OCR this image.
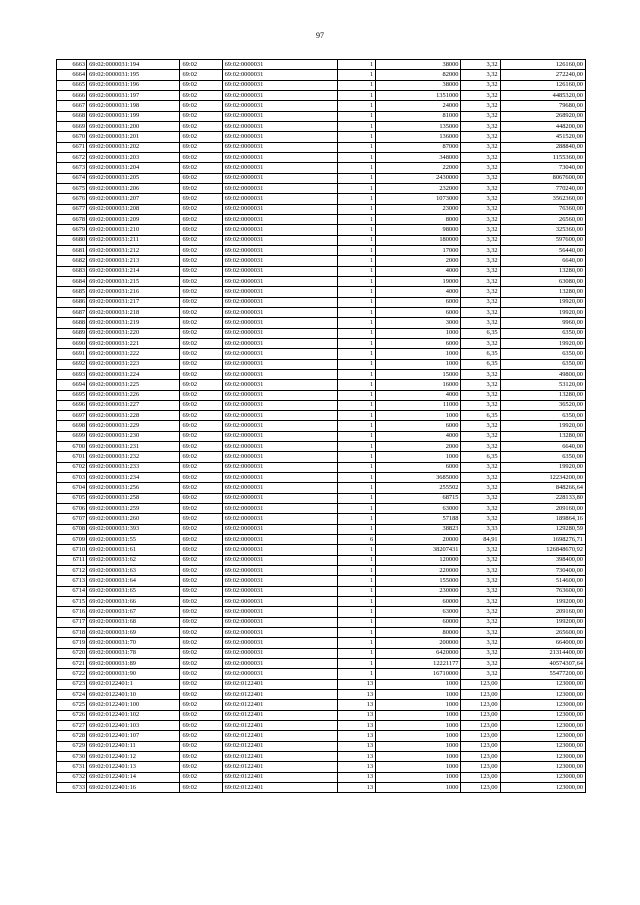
97
6663	69:02:0000031:194	69:02	69:02:0000031	1	38000	3,32	126160,00
6664	69:02:0000031:195	69:02	69:02:0000031	1	82000	3,32	272240,00
6665	69:02:0000031:196	69:02	69:02:0000031	1	38000	3,32	126160,00
6666	69:02:0000031:197	69:02	69:02:0000031	1	1351000	3,32	4485320,00
6667	69:02:0000031:198	69:02	69:02:0000031	1	24000	3,32	79680,00
6668	69:02:0000031:199	69:02	69:02:0000031	1	81000	3,32	268920,00
6669	69:02:0000031:200	69:02	69:02:0000031	1	135000	3,32	448200,00
6670	69:02:0000031:201	69:02	69:02:0000031	1	136000	3,32	451520,00
6671	69:02:0000031:202	69:02	69:02:0000031	1	87000	3,32	288840,00
6672	69:02:0000031:203	69:02	69:02:0000031	1	348000	3,32	1155360,00
6673	69:02:0000031:204	69:02	69:02:0000031	1	22000	3,32	73040,00
6674	69:02:0000031:205	69:02	69:02:0000031	1	2430000	3,32	8067600,00
6675	69:02:0000031:206	69:02	69:02:0000031	1	232000	3,32	770240,00
6676	69:02:0000031:207	69:02	69:02:0000031	1	1073000	3,32	3562360,00
6677	69:02:0000031:208	69:02	69:02:0000031	1	23000	3,32	76360,00
6678	69:02:0000031:209	69:02	69:02:0000031	1	8000	3,32	26560,00
6679	69:02:0000031:210	69:02	69:02:0000031	1	98000	3,32	325360,00
6680	69:02:0000031:211	69:02	69:02:0000031	1	180000	3,32	597600,00
6681	69:02:0000031:212	69:02	69:02:0000031	1	17000	3,32	56440,00
6682	69:02:0000031:213	69:02	69:02:0000031	1	2000	3,32	6640,00
6683	69:02:0000031:214	69:02	69:02:0000031	1	4000	3,32	13280,00
6684	69:02:0000031:215	69:02	69:02:0000031	1	19000	3,32	63080,00
6685	69:02:0000031:216	69:02	69:02:0000031	1	4000	3,32	13280,00
6686	69:02:0000031:217	69:02	69:02:0000031	1	6000	3,32	19920,00
6687	69:02:0000031:218	69:02	69:02:0000031	1	6000	3,32	19920,00
6688	69:02:0000031:219	69:02	69:02:0000031	1	3000	3,32	9960,00
6689	69:02:0000031:220	69:02	69:02:0000031	1	1000	6,35	6350,00
6690	69:02:0000031:221	69:02	69:02:0000031	1	6000	3,32	19920,00
6691	69:02:0000031:222	69:02	69:02:0000031	1	1000	6,35	6350,00
6692	69:02:0000031:223	69:02	69:02:0000031	1	1000	6,35	6350,00
6693	69:02:0000031:224	69:02	69:02:0000031	1	15000	3,32	49800,00
6694	69:02:0000031:225	69:02	69:02:0000031	1	16000	3,32	53120,00
6695	69:02:0000031:226	69:02	69:02:0000031	1	4000	3,32	13280,00
6696	69:02:0000031:227	69:02	69:02:0000031	1	11000	3,32	36520,00
6697	69:02:0000031:228	69:02	69:02:0000031	1	1000	6,35	6350,00
6698	69:02:0000031:229	69:02	69:02:0000031	1	6000	3,32	19920,00
6699	69:02:0000031:230	69:02	69:02:0000031	1	4000	3,32	13280,00
6700	69:02:0000031:231	69:02	69:02:0000031	1	2000	3,32	6640,00
6701	69:02:0000031:232	69:02	69:02:0000031	1	1000	6,35	6350,00
6702	69:02:0000031:233	69:02	69:02:0000031	1	6000	3,32	19920,00
6703	69:02:0000031:234	69:02	69:02:0000031	1	3685000	3,32	12234200,00
6704	69:02:0000031:256	69:02	69:02:0000031	1	255502	3,32	848266,64
6705	69:02:0000031:258	69:02	69:02:0000031	1	68715	3,32	228133,80
6706	69:02:0000031:259	69:02	69:02:0000031	1	63000	3,32	209160,00
6707	69:02:0000031:260	69:02	69:02:0000031	1	57188	3,32	189864,16
6708	69:02:0000031:393	69:02	69:02:0000031	1	38823	3,33	129280,59
6709	69:02:0000031:55	69:02	69:02:0000031	6	20000	84,91	1698276,71
6710	69:02:0000031:61	69:02	69:02:0000031	1	38207431	3,32	126848670,92
6711	69:02:0000031:62	69:02	69:02:0000031	1	120000	3,32	398400,00
6712	69:02:0000031:63	69:02	69:02:0000031	1	220000	3,32	730400,00
6713	69:02:0000031:64	69:02	69:02:0000031	1	155000	3,32	514600,00
6714	69:02:0000031:65	69:02	69:02:0000031	1	230000	3,32	763600,00
6715	69:02:0000031:66	69:02	69:02:0000031	1	60000	3,32	199200,00
6716	69:02:0000031:67	69:02	69:02:0000031	1	63000	3,32	209160,00
6717	69:02:0000031:68	69:02	69:02:0000031	1	60000	3,32	199200,00
6718	69:02:0000031:69	69:02	69:02:0000031	1	80000	3,32	265600,00
6719	69:02:0000031:70	69:02	69:02:0000031	1	200000	3,32	664000,00
6720	69:02:0000031:78	69:02	69:02:0000031	1	6420000	3,32	21314400,00
6721	69:02:0000031:89	69:02	69:02:0000031	1	12221177	3,32	40574307,64
6722	69:02:0000031:90	69:02	69:02:0000031	1	16710000	3,32	55477200,00
6723	69:02:0122401:1	69:02	69:02:0122401	13	1000	123,00	123000,00
6724	69:02:0122401:10	69:02	69:02:0122401	13	1000	123,00	123000,00
6725	69:02:0122401:100	69:02	69:02:0122401	13	1000	123,00	123000,00
6726	69:02:0122401:102	69:02	69:02:0122401	13	1000	123,00	123000,00
6727	69:02:0122401:103	69:02	69:02:0122401	13	1000	123,00	123000,00
6728	69:02:0122401:107	69:02	69:02:0122401	13	1000	123,00	123000,00
6729	69:02:0122401:11	69:02	69:02:0122401	13	1000	123,00	123000,00
6730	69:02:0122401:12	69:02	69:02:0122401	13	1000	123,00	123000,00
6731	69:02:0122401:13	69:02	69:02:0122401	13	1000	123,00	123000,00
6732	69:02:0122401:14	69:02	69:02:0122401	13	1000	123,00	123000,00
6733	69:02:0122401:16	69:02	69:02:0122401	13	1000	123,00	123000,00
